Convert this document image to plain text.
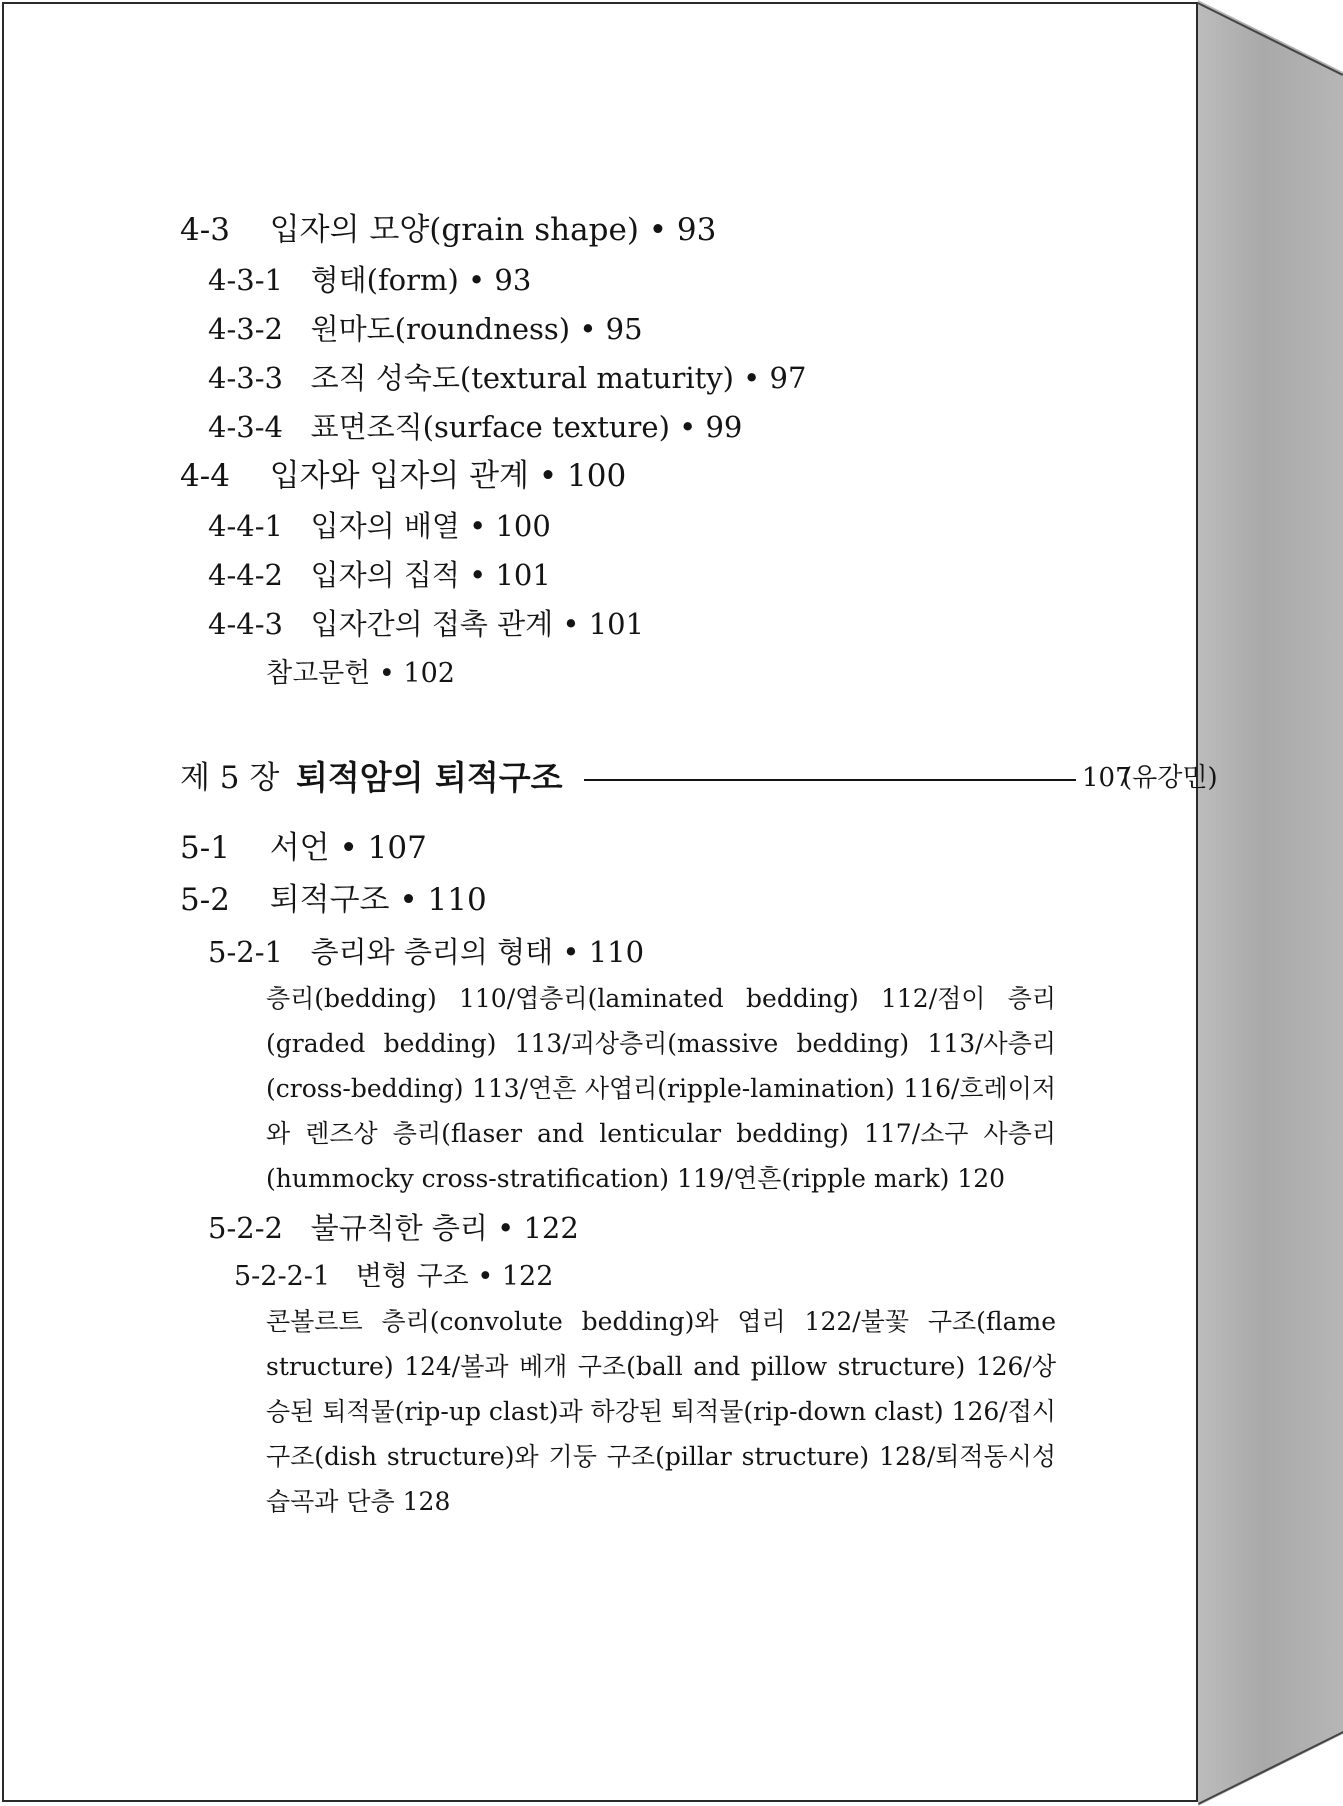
4-3 입자의 모양(grain shape) • 93
4-3-1 형태(form) • 93
4-3-2 원마도(roundness) • 95
4-3-3 조직 성숙도(textural maturity) • 97
4-3-4 표면조직(surface texture) • 99
4-4 입자와 입자의 관계 • 100
4-4-1 입자의 배열 • 100
4-4-2 입자의 집적 • 101
4-4-3 입자간의 접촉 관계 • 101
참고문헌 • 102
제 5 장 퇴적암의 퇴적구조	107
(유강민)
5-1 서언 • 107
5-2 퇴적구조 • 110
5-2-1 층리와 층리의 형태 • 110
층리(bedding) 110/엽층리(laminated bedding) 112/점이 층리(graded bedding) 113/괴상층리(massive bedding) 113/사층리(cross-bedding) 113/연흔 사엽리(ripple-lamination) 116/흐레이저와 렌즈상 층리(flaser and lenticular bedding) 117/소구 사층리(hummocky cross-stratification) 119/연흔(ripple mark) 120
5-2-2 불규칙한 층리 • 122
5-2-2-1 변형 구조 • 122
콘볼르트 층리(convolute bedding)와 엽리 122/불꽃 구조(flame structure) 124/볼과 베개 구조(ball and pillow structure) 126/상승된 퇴적물(rip-up clast)과 하강된 퇴적물(rip-down clast) 126/접시구조(dish structure)와 기둥 구조(pillar structure) 128/퇴적동시성 습곡과 단층 128
